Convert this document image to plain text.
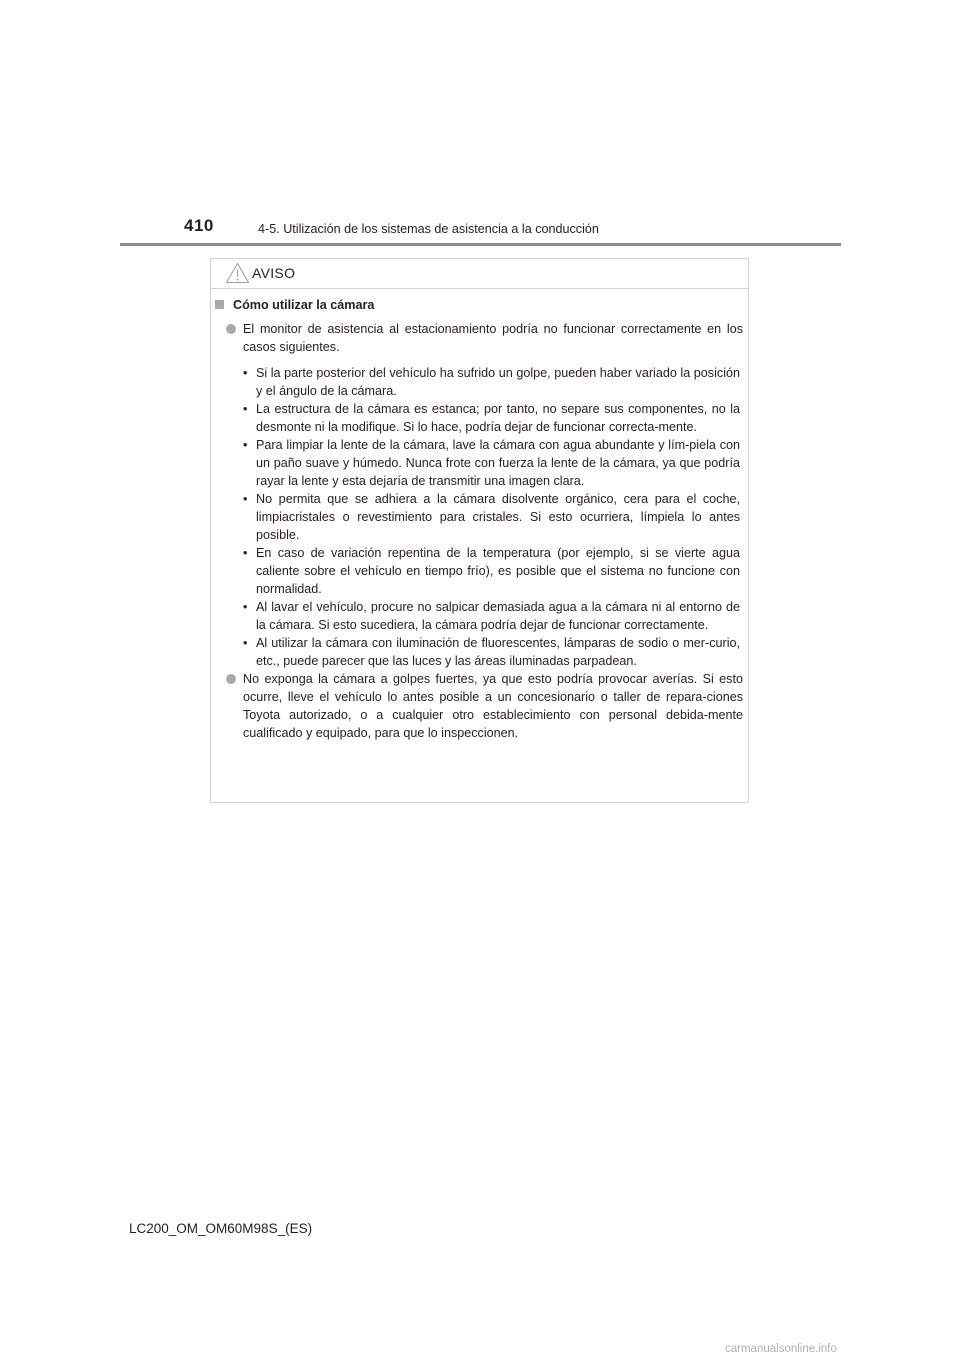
410	4-5. Utilización de los sistemas de asistencia a la conducción
AVISO
Cómo utilizar la cámara
El monitor de asistencia al estacionamiento podría no funcionar correctamente en los casos siguientes.
• Si la parte posterior del vehículo ha sufrido un golpe, pueden haber variado la posición y el ángulo de la cámara.
• La estructura de la cámara es estanca; por tanto, no separe sus componentes, no la desmonte ni la modifique. Si lo hace, podría dejar de funcionar correcta-mente.
• Para limpiar la lente de la cámara, lave la cámara con agua abundante y lím-piela con un paño suave y húmedo. Nunca frote con fuerza la lente de la cámara, ya que podría rayar la lente y esta dejaría de transmitir una imagen clara.
• No permita que se adhiera a la cámara disolvente orgánico, cera para el coche, limpiacristales o revestimiento para cristales. Si esto ocurriera, límpiela lo antes posible.
• En caso de variación repentina de la temperatura (por ejemplo, si se vierte agua caliente sobre el vehículo en tiempo frío), es posible que el sistema no funcione con normalidad.
• Al lavar el vehículo, procure no salpicar demasiada agua a la cámara ni al entorno de la cámara. Si esto sucediera, la cámara podría dejar de funcionar correctamente.
• Al utilizar la cámara con iluminación de fluorescentes, lámparas de sodio o mer-curio, etc., puede parecer que las luces y las áreas iluminadas parpadean.
No exponga la cámara a golpes fuertes, ya que esto podría provocar averías. Si esto ocurre, lleve el vehículo lo antes posible a un concesionario o taller de repara-ciones Toyota autorizado, o a cualquier otro establecimiento con personal debida-mente cualificado y equipado, para que lo inspeccionen.
LC200_OM_OM60M98S_(ES)
carmanualsonline.info
